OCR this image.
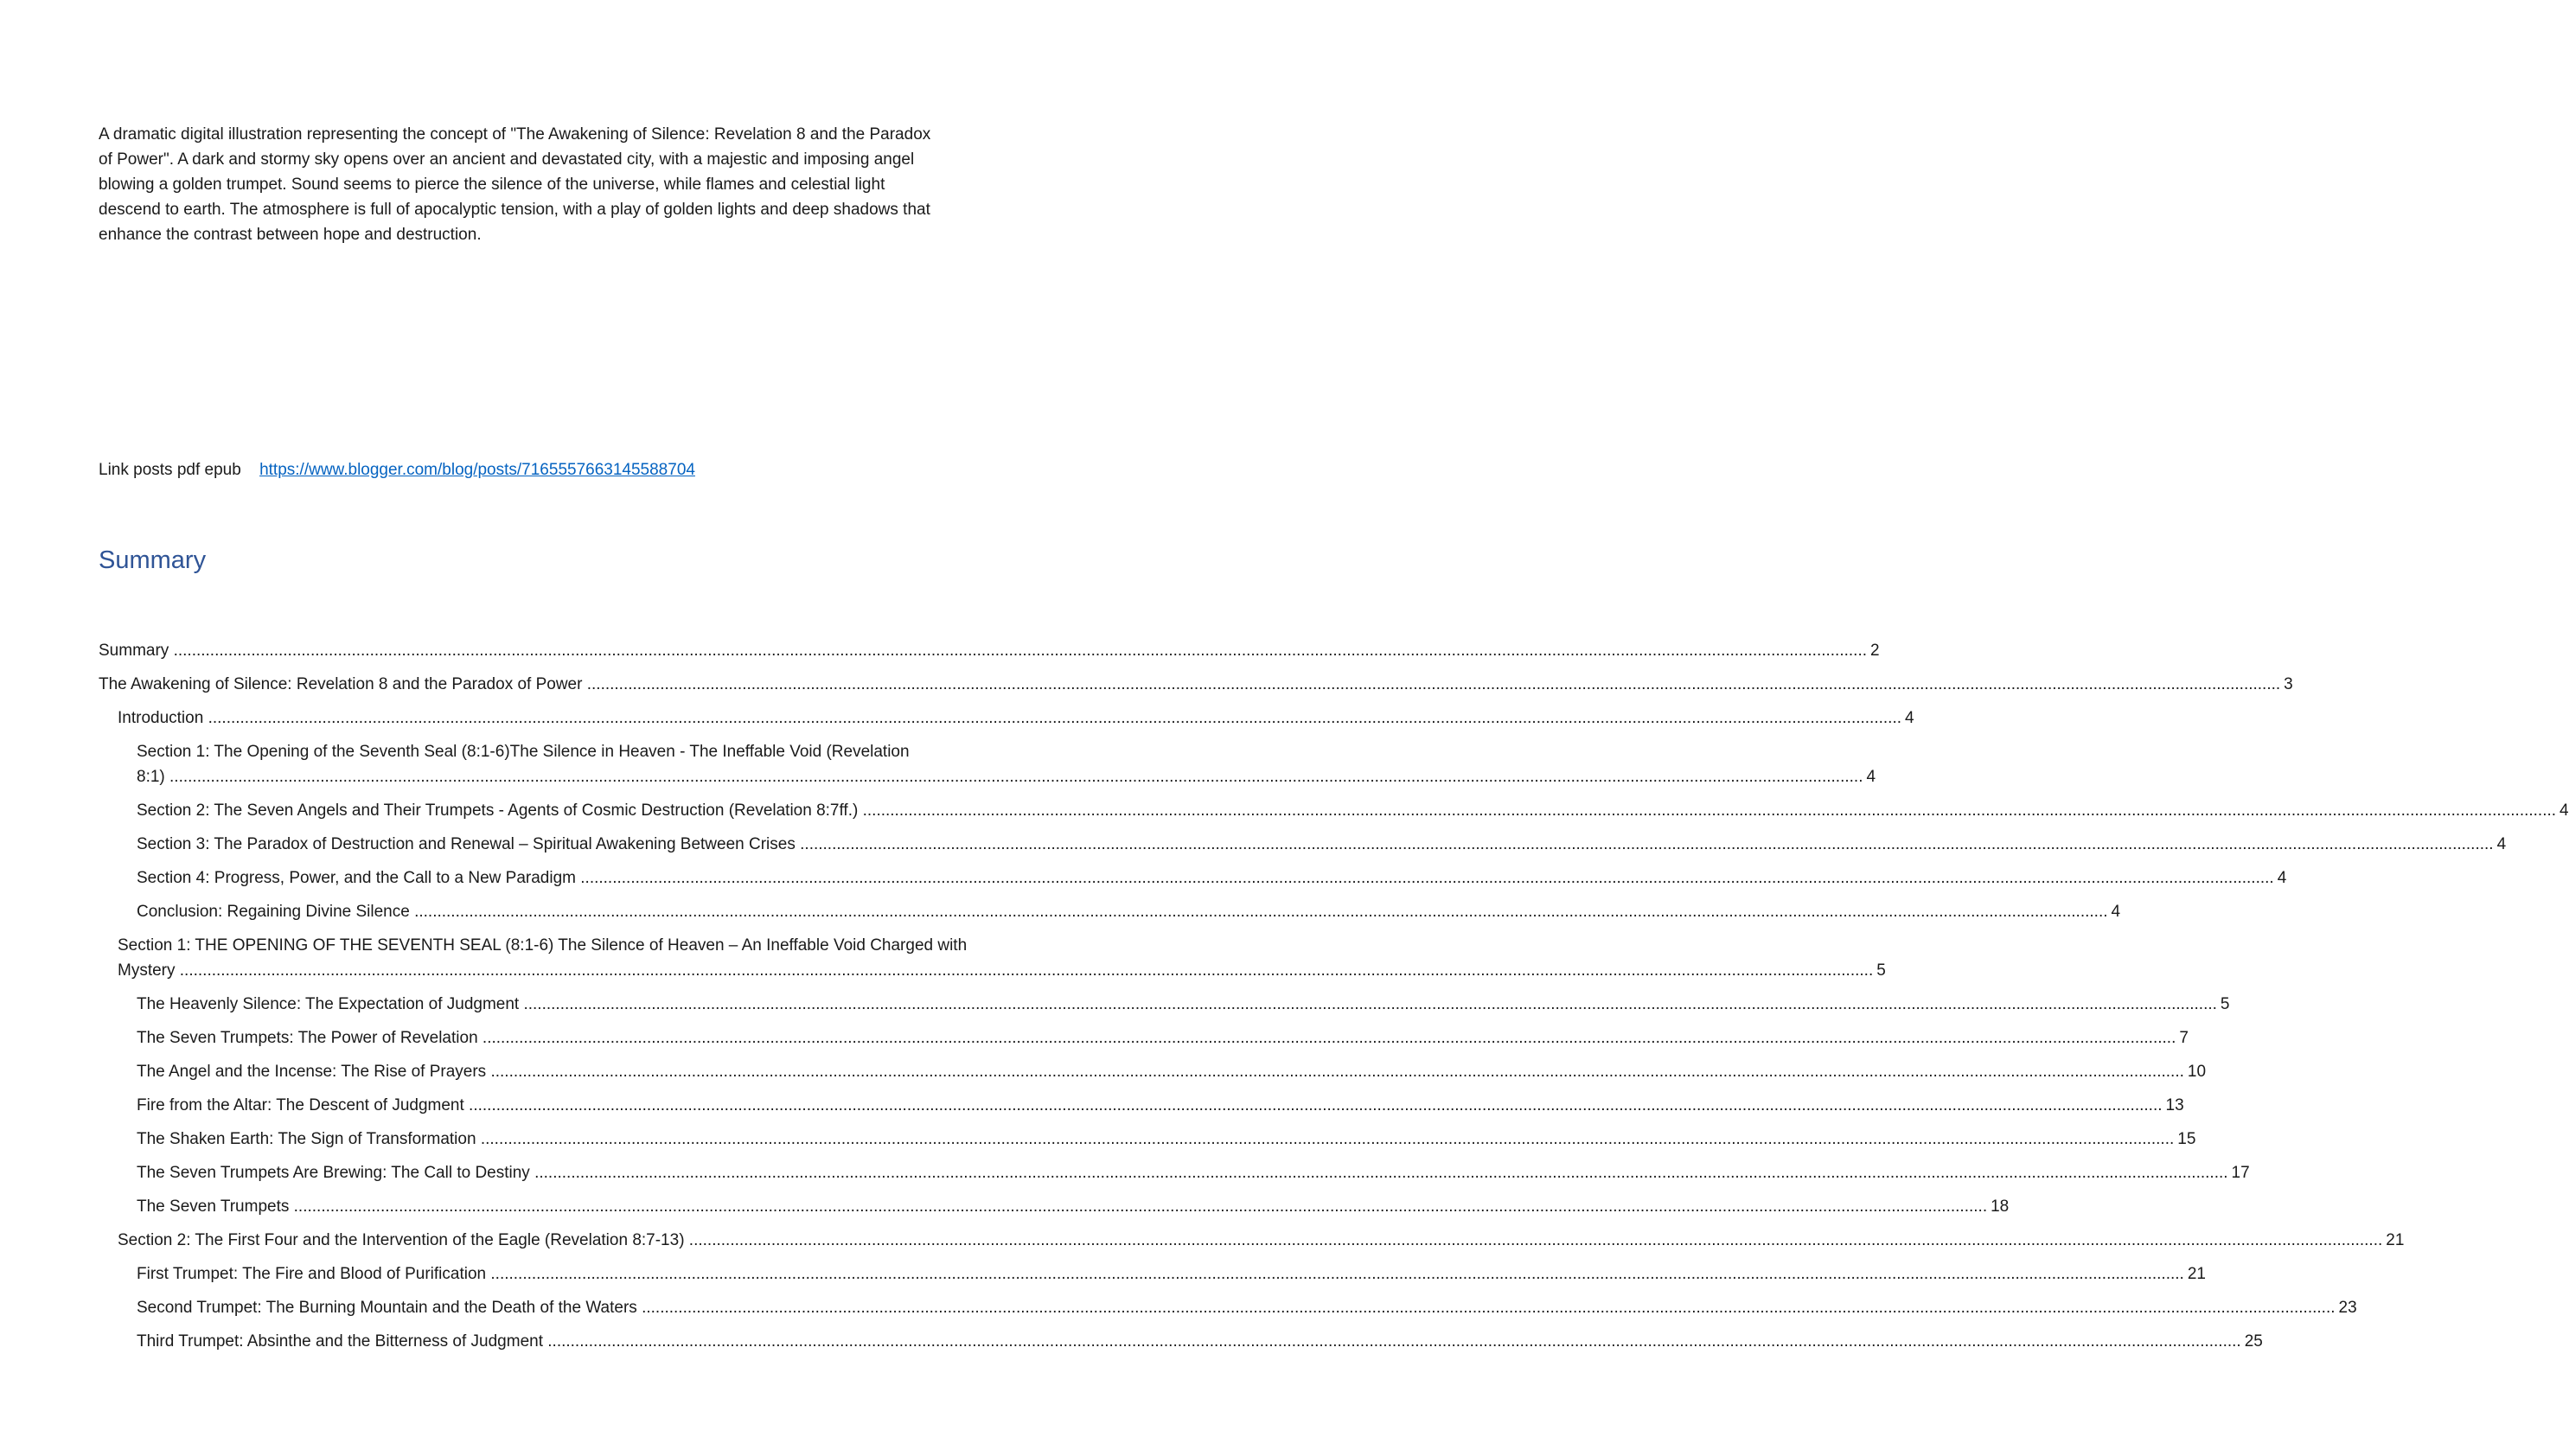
A dramatic digital illustration representing the concept of "The Awakening of Silence: Revelation 8 and the Paradox of Power". A dark and stormy sky opens over an ancient and devastated city, with a majestic and imposing angel blowing a golden trumpet. Sound seems to pierce the silence of the universe, while flames and celestial light descend to earth. The atmosphere is full of apocalyptic tension, with a play of golden lights and deep shadows that enhance the contrast between hope and destruction.

Link posts pdf epub https://www.blogger.com/blog/posts/7165557663145588704
Summary
Summary .....	2
The Awakening of Silence: Revelation 8 and the Paradox of Power .....	3
Introduction .....	4
Section 1: The Opening of the Seventh Seal (8:1-6)The Silence in Heaven - The Ineffable Void (Revelation 8:1) .....	4
Section 2: The Seven Angels and Their Trumpets - Agents of Cosmic Destruction (Revelation 8:7ff.) .....	4
Section 3: The Paradox of Destruction and Renewal – Spiritual Awakening Between Crises .....	4
Section 4: Progress, Power, and the Call to a New Paradigm .....	4
Conclusion: Regaining Divine Silence .....	4
Section 1: THE OPENING OF THE SEVENTH SEAL (8:1-6) The Silence of Heaven – An Ineffable Void Charged with Mystery .....	5
The Heavenly Silence: The Expectation of Judgment .....	5
The Seven Trumpets: The Power of Revelation .....	7
The Angel and the Incense: The Rise of Prayers .....	10
Fire from the Altar: The Descent of Judgment .....	13
The Shaken Earth: The Sign of Transformation .....	15
The Seven Trumpets Are Brewing: The Call to Destiny .....	17
The Seven Trumpets .....	18
Section 2: The First Four and the Intervention of the Eagle (Revelation 8:7-13) .....	21
First Trumpet: The Fire and Blood of Purification .....	21
Second Trumpet: The Burning Mountain and the Death of the Waters .....	23
Third Trumpet: Absinthe and the Bitterness of Judgment .....	25
